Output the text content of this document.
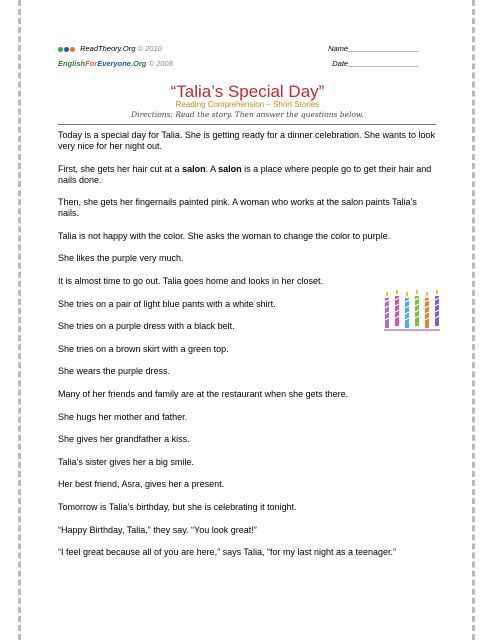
ReadTheory.Org © 2010	Name_________________
EnglishForEveryone.Org © 2008	Date_________________
“Talia’s Special Day”
Reading Comprehension – Short Stories
Directions: Read the story. Then answer the questions below.

Today is a special day for Talia. She is getting ready for a dinner celebration. She wants to look very nice for her night out.

First, she gets her hair cut at a salon. A salon is a place where people go to get their hair and nails done.

Then, she gets her fingernails painted pink. A woman who works at the salon paints Talia’s nails.

Talia is not happy with the color. She asks the woman to change the color to purple.

She likes the purple very much.

It is almost time to go out. Talia goes home and looks in her closet.

She tries on a pair of light blue pants with a white shirt.

She tries on a purple dress with a black belt.

She tries on a brown skirt with a green top.

She wears the purple dress.

Many of her friends and family are at the restaurant when she gets there.

She hugs her mother and father.

She gives her grandfather a kiss.

Talia’s sister gives her a big smile.

Her best friend, Asra, gives her a present.

Tomorrow is Talia’s birthday, but she is celebrating it tonight.

“Happy Birthday, Talia,” they say. “You look great!”

“I feel great because all of you are here,” says Talia, “for my last night as a teenager.”
